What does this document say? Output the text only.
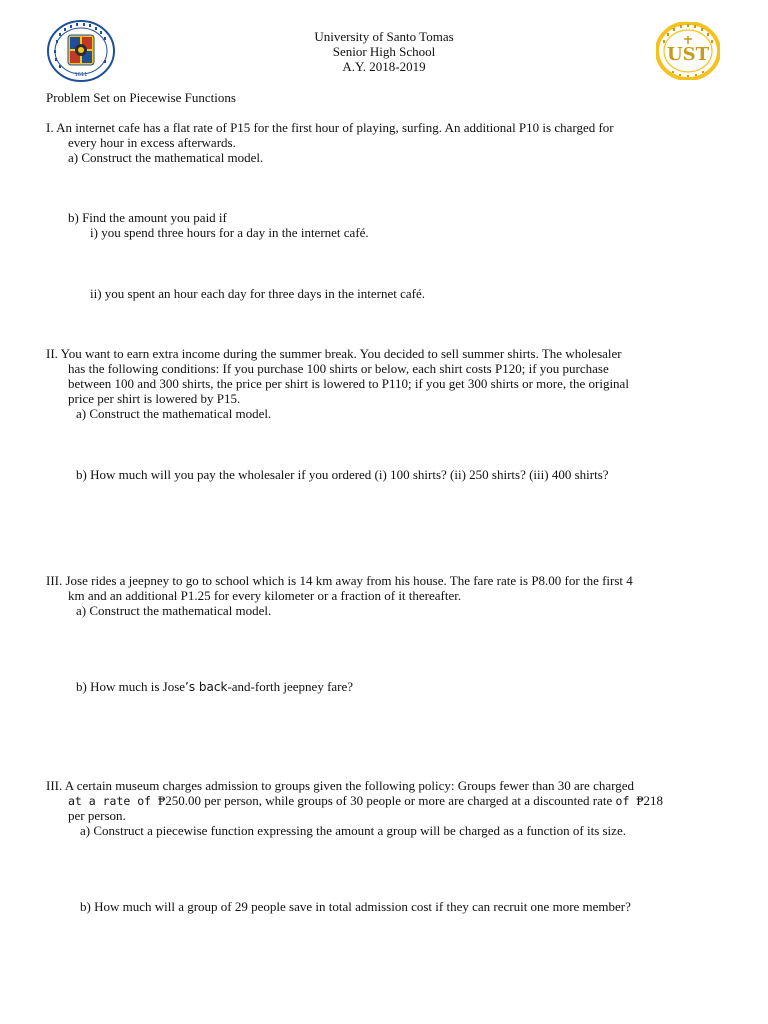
1611
UST
University of Santo Tomas
Senior High School
A.Y. 2018-2019
Problem Set on Piecewise Functions
I. An internet cafe has a flat rate of P15 for the first hour of playing, surfing. An additional P10 is charged for
every hour in excess afterwards.
a) Construct the mathematical model.
b) Find the amount you paid if
i) you spend three hours for a day in the internet café.
ii) you spent an hour each day for three days in the internet café.
II. You want to earn extra income during the summer break. You decided to sell summer shirts. The wholesaler
has the following conditions: If you purchase 100 shirts or below, each shirt costs P120; if you purchase
between 100 and 300 shirts, the price per shirt is lowered to P110; if you get 300 shirts or more, the original
price per shirt is lowered by P15.
a) Construct the mathematical model.
b) How much will you pay the wholesaler if you ordered (i) 100 shirts? (ii) 250 shirts? (iii) 400 shirts?
III. Jose rides a jeepney to go to school which is 14 km away from his house. The fare rate is P8.00 for the first 4
km and an additional P1.25 for every kilometer or a fraction of it thereafter.
a) Construct the mathematical model.
b) How much is Jose’s back-and-forth jeepney fare?
III. A certain museum charges admission to groups given the following policy: Groups fewer than 30 are charged
at a rate of ₱250.00 per person, while groups of 30 people or more are charged at a discounted rate of ₱218
per person.
a) Construct a piecewise function expressing the amount a group will be charged as a function of its size.
b) How much will a group of 29 people save in total admission cost if they can recruit one more member?
